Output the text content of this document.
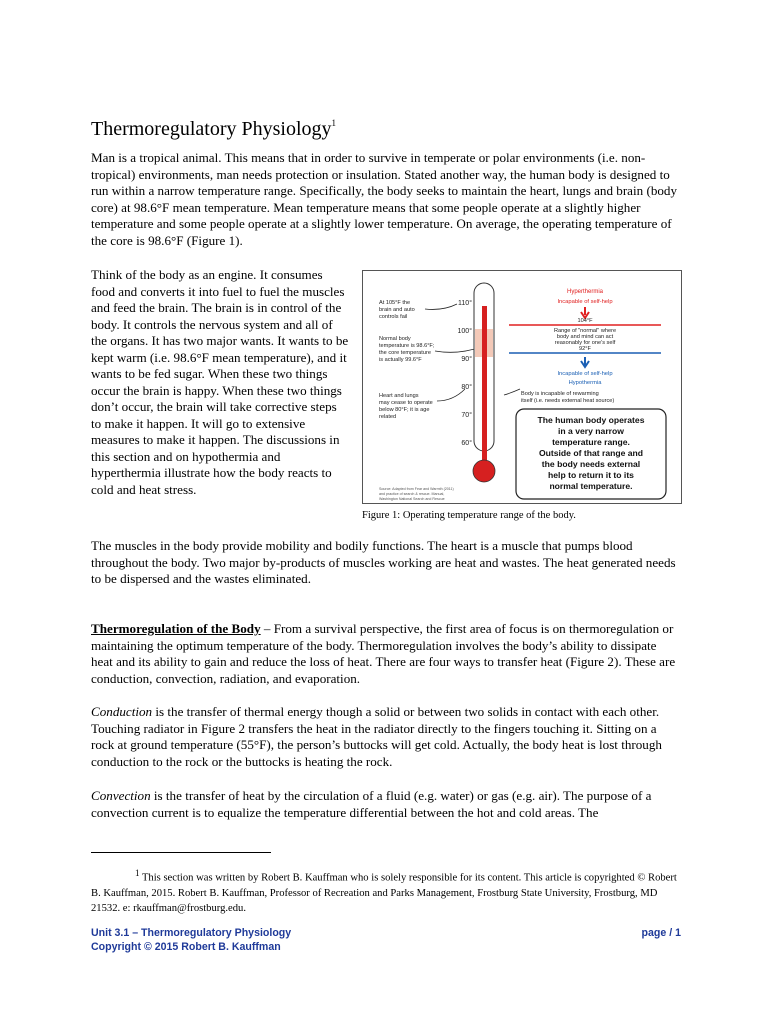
Thermoregulatory Physiology$^1$

Man is a tropical animal. This means that in order to survive in temperate or polar environments (i.e. non-tropical) environments, man needs protection or insulation. Stated another way, the human body is designed to run within a narrow temperature range. Specifically, the body seeks to maintain the heart, lungs and brain (body core) at 98.6°F mean temperature. Mean temperature means that some people operate at a slightly higher temperature and some people operate at a slightly lower temperature. On average, the operating temperature of the core is 98.6°F (Figure 1).

Think of the body as an engine. It consumes food and converts it into fuel to fuel the muscles and feed the brain. The brain is in control of the body. It controls the nervous system and all of the organs. It has two major wants. It wants to be kept warm (i.e. 98.6°F mean temperature), and it wants to be fed sugar. When these two things occur the brain is happy. When these two things don’t occur, the brain will take corrective steps to make it happen. It will go to extensive measures to make it happen. The discussions in this section and on hypothermia and hyperthermia illustrate how the body reacts to cold and heat stress.

At 105°F the
brain and auto
controls fail
Normal body
temperature is 98.6°F;
the core temperature
is actually 99.6°F
Heart and lungs
may cease to operate
below 80°F; it is age
related
Source: Adapted from Fear and Warmth (2011)
and practice of search & rescue. Manual,
Washington National Search and Rescue
110°
100°
90°
80°
70°
60°
Hyperthermia
Incapable of self-help
104°F
Range of "normal" where
body and mind can act
reasonably for one’s self
92°F
Incapable of self-help
Hypothermia
Body is incapable of rewarming
itself (i.e. needs external heat source)
The human body operates
in a very narrow
temperature range.
Outside of that range and
the body needs external
help to return it to its
normal temperature.
Figure 1: Operating temperature range of the body.

The muscles in the body provide mobility and bodily functions. The heart is a muscle that pumps blood throughout the body. Two major by-products of muscles working are heat and wastes. The heat generated needs to be dispersed and the wastes eliminated.

Thermoregulation of the Body – From a survival perspective, the first area of focus is on thermoregulation or maintaining the optimum temperature of the body. Thermoregulation involves the body’s ability to dissipate heat and its ability to gain and reduce the loss of heat. There are four ways to transfer heat (Figure 2). These are conduction, convection, radiation, and evaporation.

Conduction is the transfer of thermal energy though a solid or between two solids in contact with each other. Touching radiator in Figure 2 transfers the heat in the radiator directly to the fingers touching it. Sitting on a rock at ground temperature (55°F), the person’s buttocks will get cold. Actually, the body heat is lost through conduction to the rock or the buttocks is heating the rock.

Convection is the transfer of heat by the circulation of a fluid (e.g. water) or gas (e.g. air). The purpose of a convection current is to equalize the temperature differential between the hot and cold areas. The

$^1$ This section was written by Robert B. Kauffman who is solely responsible for its content. This article is copyrighted © Robert B. Kauffman, 2015. Robert B. Kauffman, Professor of Recreation and Parks Management, Frostburg State University, Frostburg, MD 21532. e: rkauffman@frostburg.edu.
Unit 3.1 – Thermoregulatory Physiology
Copyright © 2015 Robert B. Kauffman
page / 1
